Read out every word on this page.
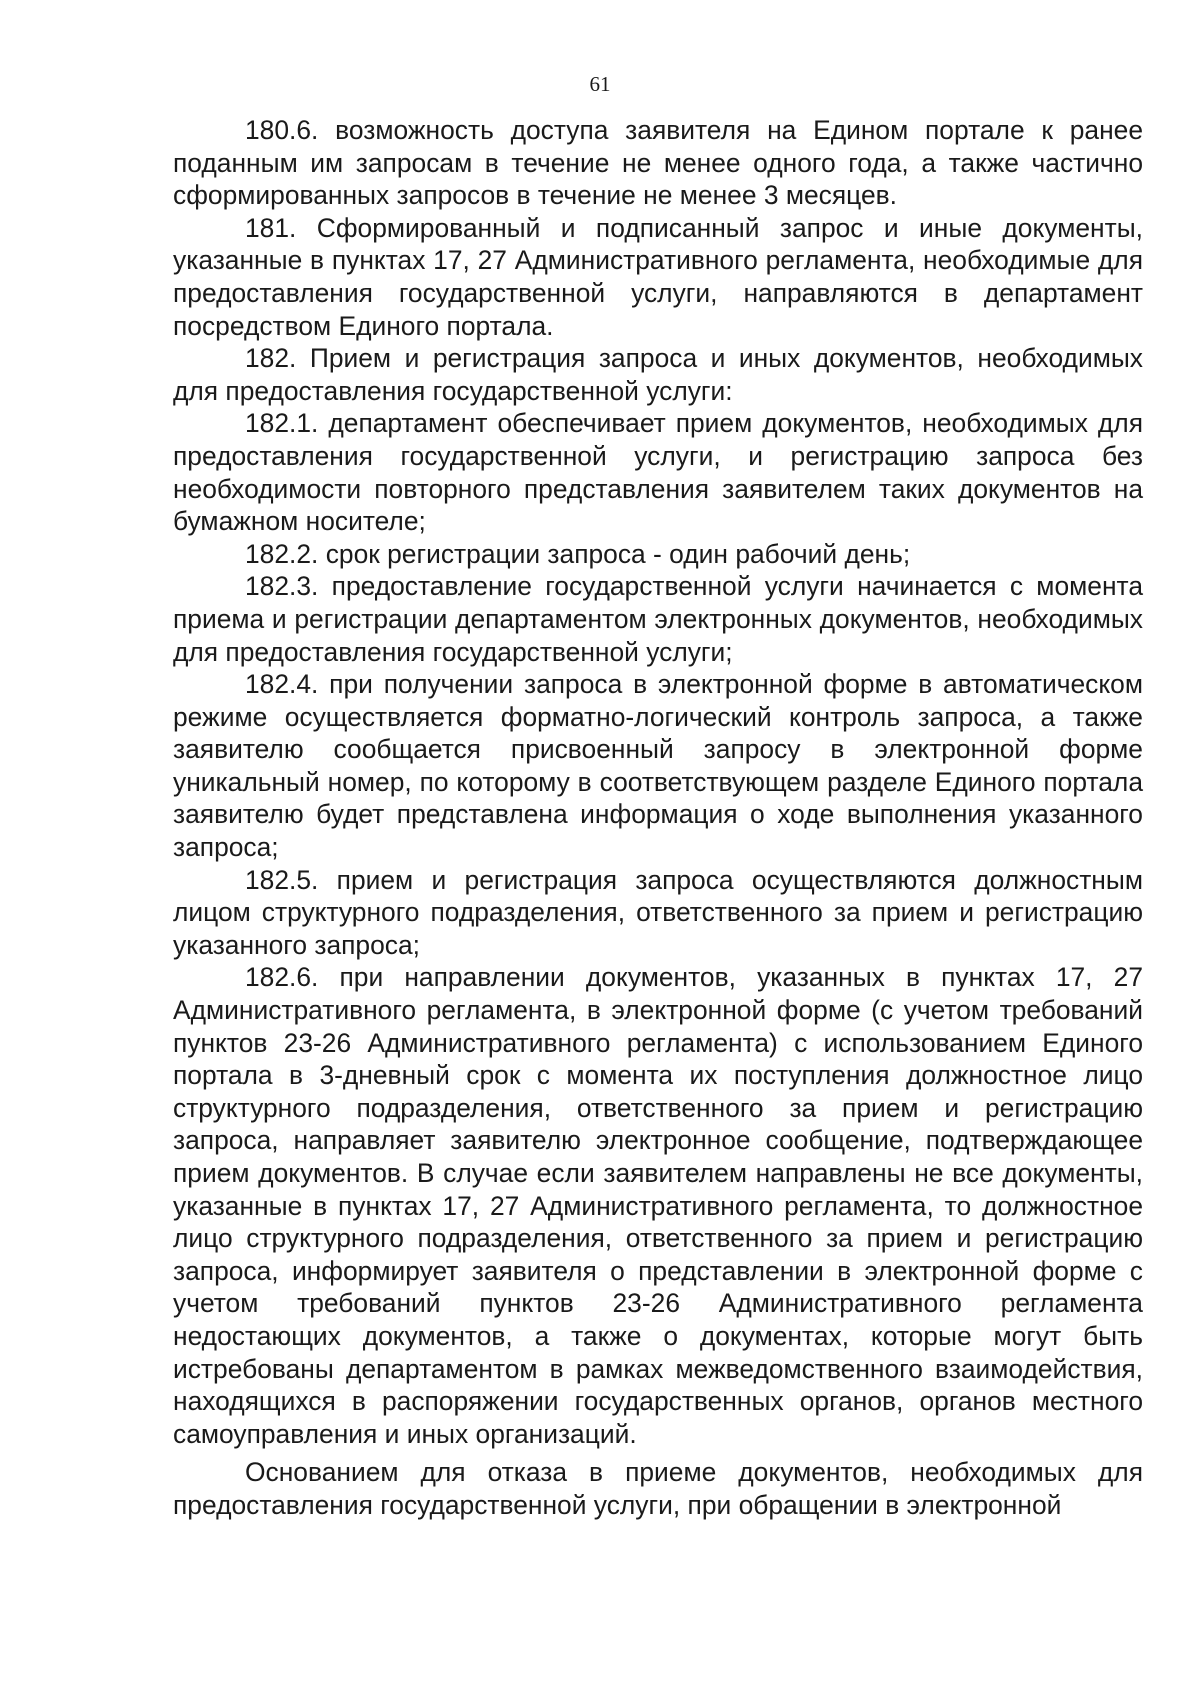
61

180.6. возможность доступа заявителя на Едином портале к ранее поданным им запросам в течение не менее одного года, а также частично сформированных запросов в течение не менее 3 месяцев.

181. Сформированный и подписанный запрос и иные документы, указанные в пунктах 17, 27 Административного регламента, необходимые для предоставления государственной услуги, направляются в департамент посредством Единого портала.

182. Прием и регистрация запроса и иных документов, необходимых для предоставления государственной услуги:

182.1. департамент обеспечивает прием документов, необходимых для предоставления государственной услуги, и регистрацию запроса без необходимости повторного представления заявителем таких документов на бумажном носителе;

182.2. срок регистрации запроса - один рабочий день;

182.3. предоставление государственной услуги начинается с момента приема и регистрации департаментом электронных документов, необходимых для предоставления государственной услуги;

182.4. при получении запроса в электронной форме в автоматическом режиме осуществляется форматно-логический контроль запроса, а также заявителю сообщается присвоенный запросу в электронной форме уникальный номер, по которому в соответствующем разделе Единого портала заявителю будет представлена информация о ходе выполнения указанного запроса;

182.5. прием и регистрация запроса осуществляются должностным лицом структурного подразделения, ответственного за прием и регистрацию указанного запроса;

182.6. при направлении документов, указанных в пунктах 17, 27 Административного регламента, в электронной форме (с учетом требований пунктов 23-26 Административного регламента) с использованием Единого портала в 3-дневный срок с момента их поступления должностное лицо структурного подразделения, ответственного за прием и регистрацию запроса, направляет заявителю электронное сообщение, подтверждающее прием документов. В случае если заявителем направлены не все документы, указанные в пунктах 17, 27 Административного регламента, то должностное лицо структурного подразделения, ответственного за прием и регистрацию запроса, информирует заявителя о представлении в электронной форме с учетом требований пунктов 23-26 Административного регламента недостающих документов, а также о документах, которые могут быть истребованы департаментом в рамках межведомственного взаимодействия, находящихся в распоряжении государственных органов, органов местного самоуправления и иных организаций.

Основанием для отказа в приеме документов, необходимых для предоставления государственной услуги, при обращении в электронной
